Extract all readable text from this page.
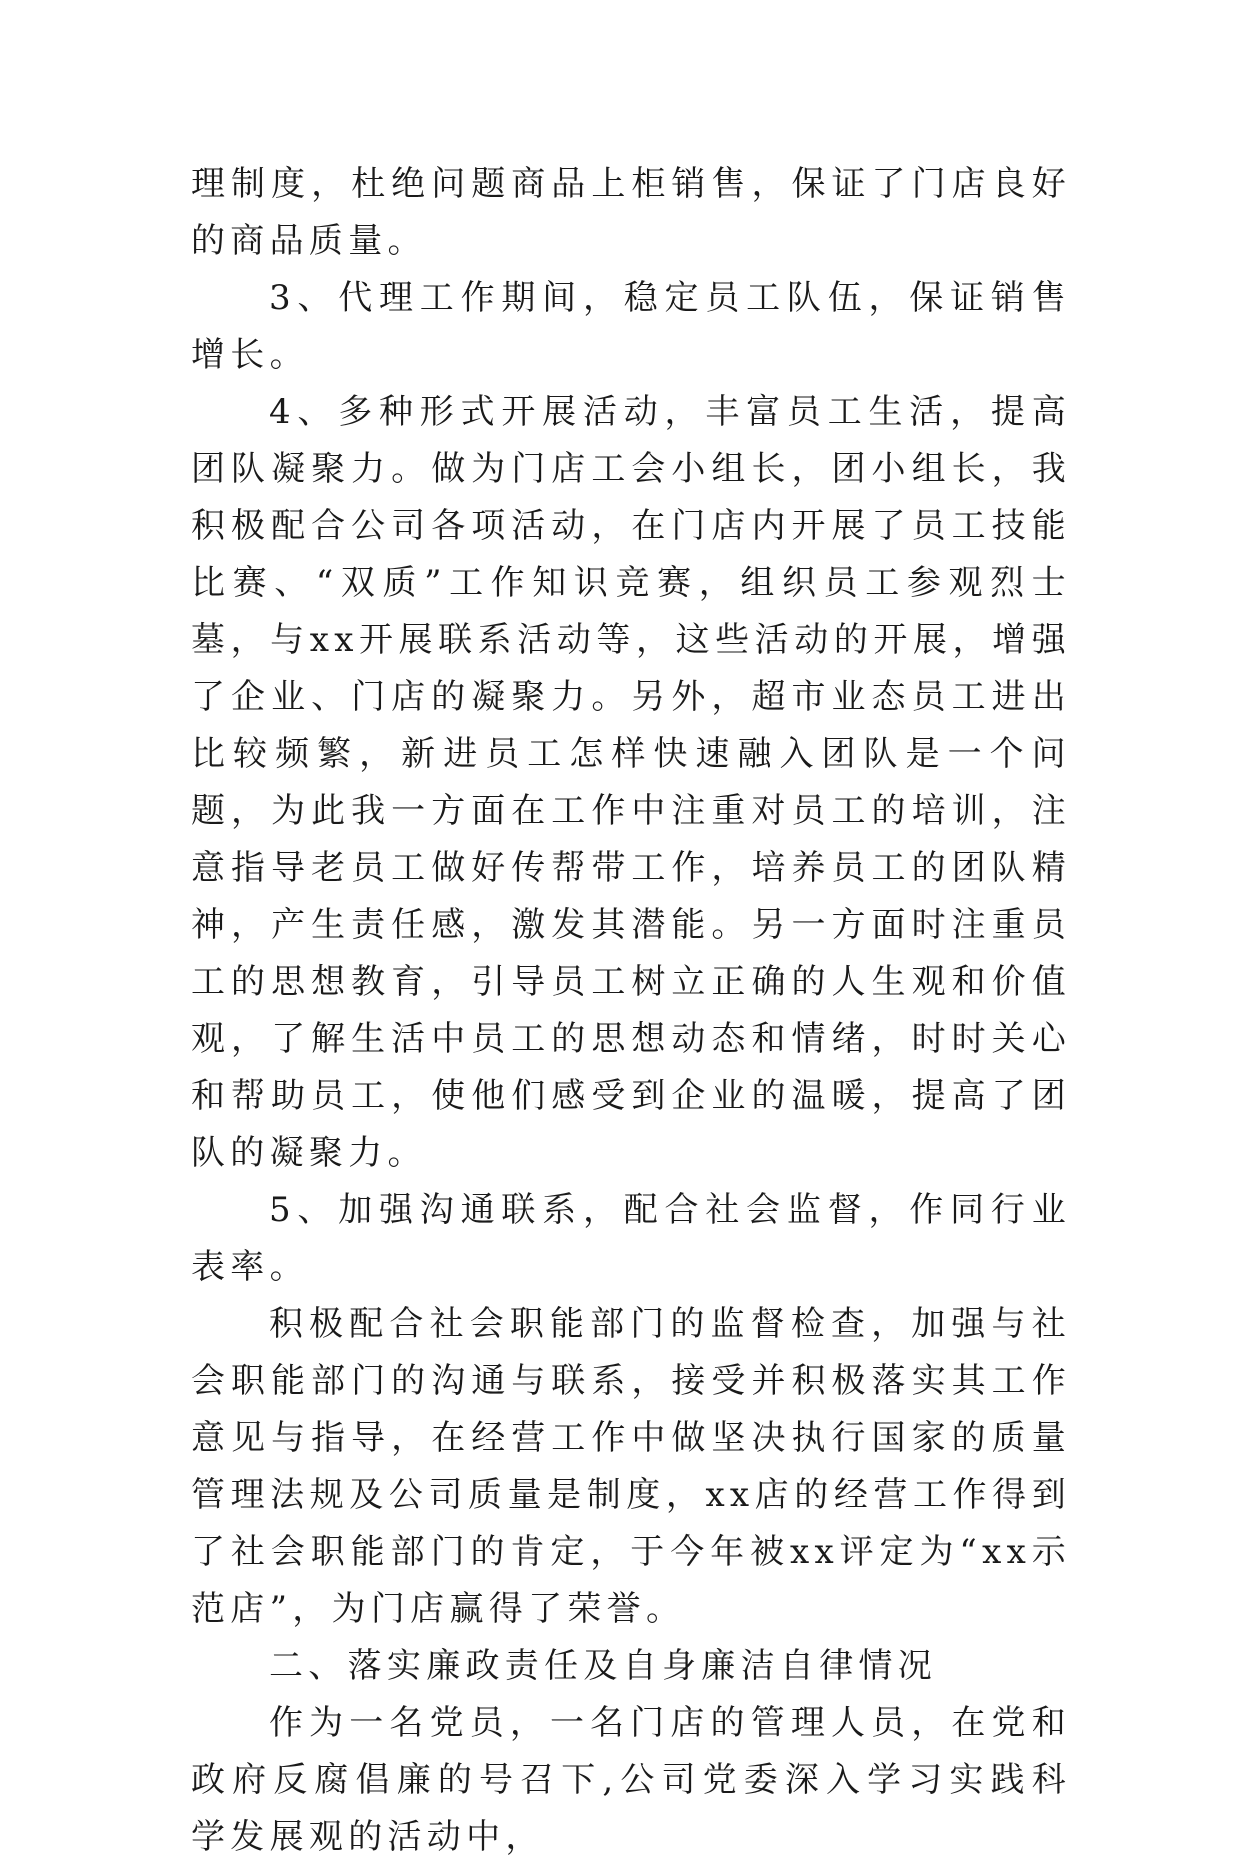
理制度，杜绝问题商品上柜销售，保证了门店良好的商品质量。

3、代理工作期间，稳定员工队伍，保证销售增长。

4、多种形式开展活动，丰富员工生活，提高团队凝聚力。做为门店工会小组长，团小组长，我积极配合公司各项活动，在门店内开展了员工技能比赛、“双质”工作知识竞赛，组织员工参观烈士墓，与xx开展联系活动等，这些活动的开展，增强了企业、门店的凝聚力。另外，超市业态员工进出比较频繁，新进员工怎样快速融入团队是一个问题，为此我一方面在工作中注重对员工的培训，注意指导老员工做好传帮带工作，培养员工的团队精神，产生责任感，激发其潜能。另一方面时注重员工的思想教育，引导员工树立正确的人生观和价值观，了解生活中员工的思想动态和情绪，时时关心和帮助员工，使他们感受到企业的温暖，提高了团队的凝聚力。

5、加强沟通联系，配合社会监督，作同行业表率。

积极配合社会职能部门的监督检查，加强与社会职能部门的沟通与联系，接受并积极落实其工作意见与指导，在经营工作中做坚决执行国家的质量管理法规及公司质量是制度，xx店的经营工作得到了社会职能部门的肯定，于今年被xx评定为“xx示范店”，为门店赢得了荣誉。

二、落实廉政责任及自身廉洁自律情况

作为一名党员，一名门店的管理人员，在党和政府反腐倡廉的号召下,公司党委深入学习实践科学发展观的活动中，
